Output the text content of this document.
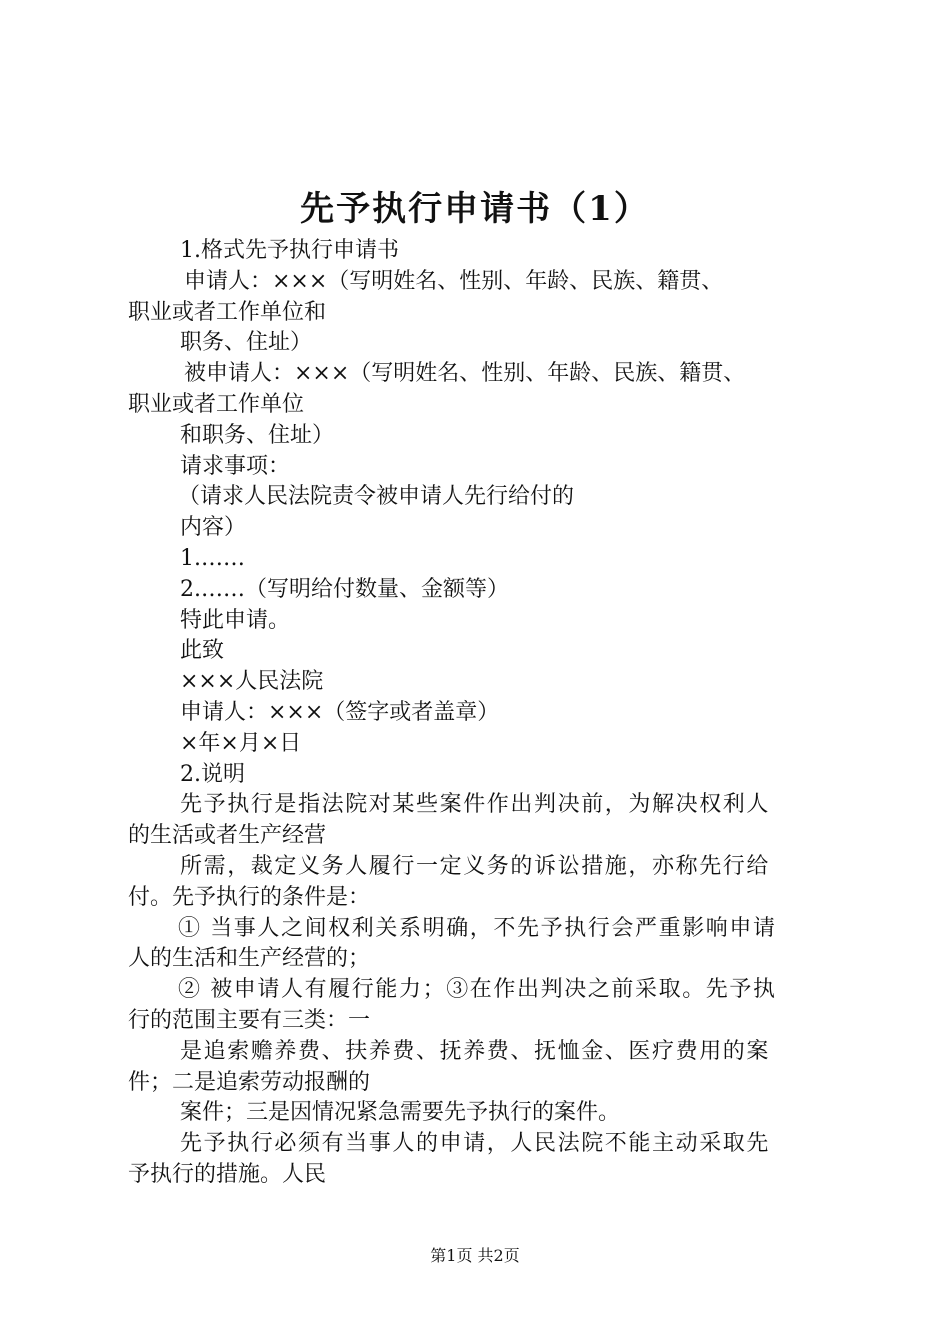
先予执行申请书（1）
1.格式先予执行申请书
申请人：×××（写明姓名、性别、年龄、民族、籍贯、
职业或者工作单位和
职务、住址）
被申请人：×××（写明姓名、性别、年龄、民族、籍贯、
职业或者工作单位
和职务、住址）
请求事项：
（请求人民法院责令被申请人先行给付的
内容）
1.……
2.……（写明给付数量、金额等）
特此申请。
此致
×××人民法院
申请人：×××（签字或者盖章）
×年×月×日
2.说明
先予执行是指法院对某些案件作出判决前，为解决权利人
的生活或者生产经营
所需，裁定义务人履行一定义务的诉讼措施，亦称先行给
付。先予执行的条件是：
① 当事人之间权利关系明确，不先予执行会严重影响申请
人的生活和生产经营的；
② 被申请人有履行能力；③在作出判决之前采取。先予执
行的范围主要有三类：一
是追索赡养费、扶养费、抚养费、抚恤金、医疗费用的案
件；二是追索劳动报酬的
案件；三是因情况紧急需要先予执行的案件。
先予执行必须有当事人的申请，人民法院不能主动采取先
予执行的措施。人民
第1页 共2页
